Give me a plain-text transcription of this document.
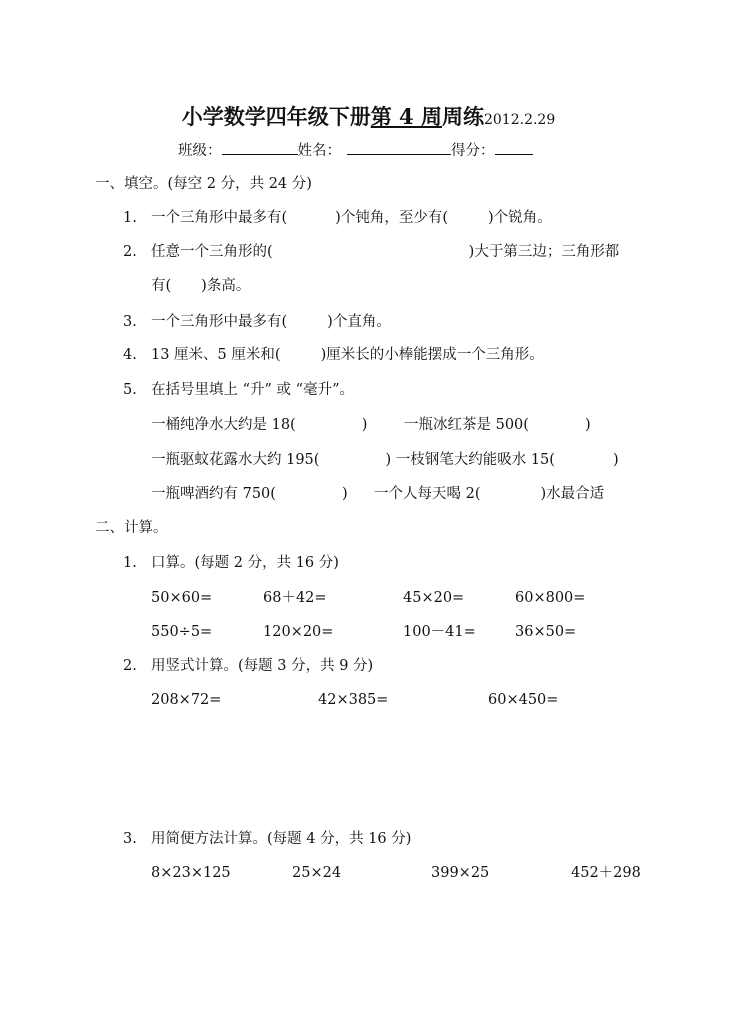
小学数学四年级下册第 4 周周练2012.2.29
班级：	姓名：	得分：
一、填空。(每空 2 分，共 24 分)
1. 一个三角形中最多有(	)个钝角，至少有(	)个锐角。
2. 任意一个三角形的(	)大于第三边；三角形都
有( )条高。
3. 一个三角形中最多有(	)个直角。
4. 13 厘米、5 厘米和(	)厘米长的小棒能摆成一个三角形。
5. 在括号里填上 “升” 或 “毫升”。
一桶纯净水大约是 18(	)	一瓶冰红茶是 500(	)
一瓶驱蚊花露水大约 195(	) 一枝钢笔大约能吸水 15(	)
一瓶啤酒约有 750(	) 一个人每天喝 2(	)水最合适
二、计算。
1. 口算。(每题 2 分，共 16 分)
50×60=	68＋42=	45×20=	60×800=
550÷5=	120×20=	100－41=	36×50=
2. 用竖式计算。(每题 3 分，共 9 分)
208×72=	42×385=	60×450=
3. 用简便方法计算。(每题 4 分，共 16 分)
8×23×125	25×24	399×25	452＋298
